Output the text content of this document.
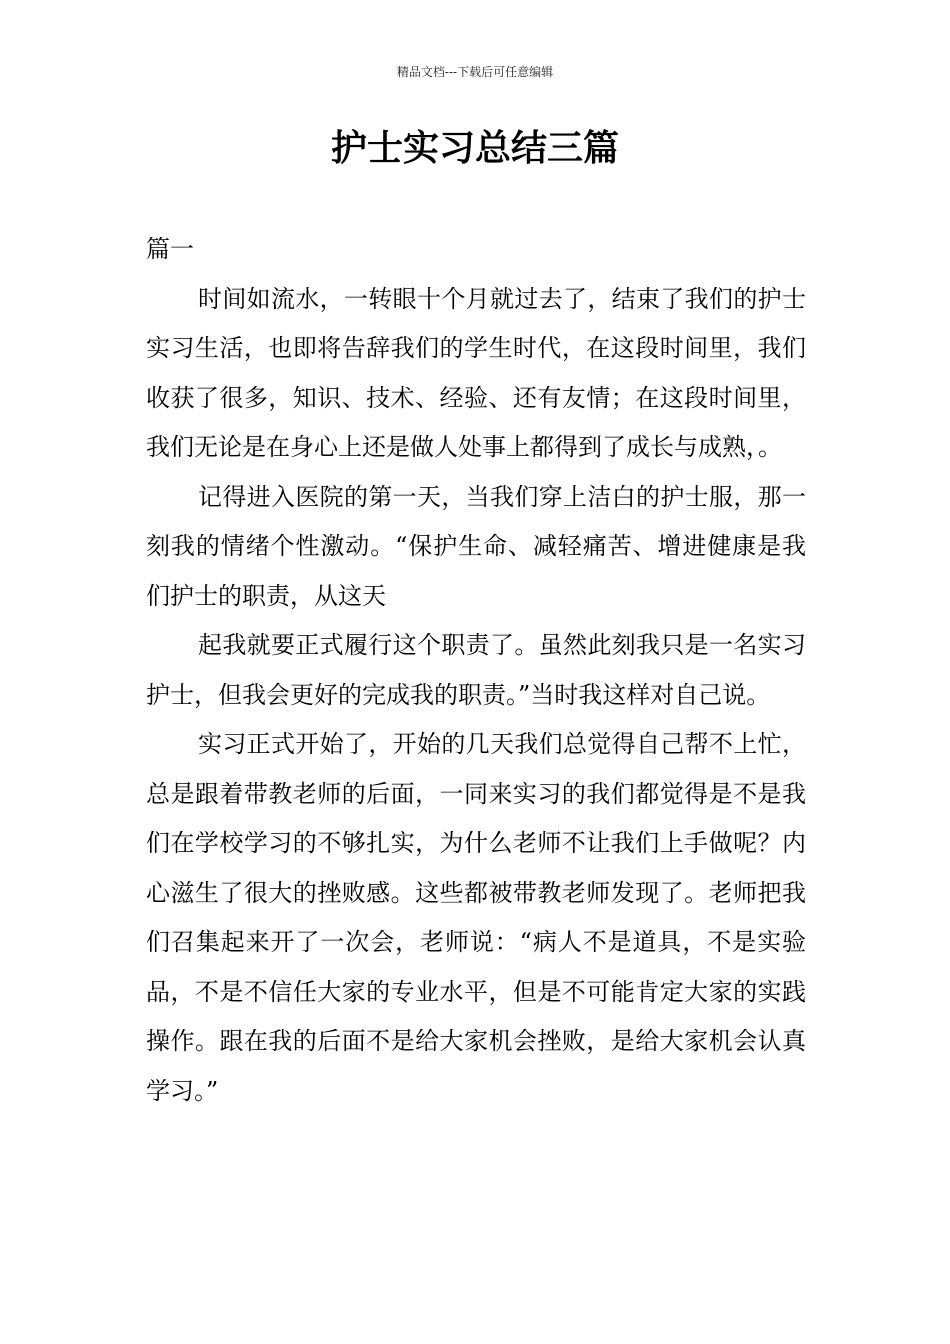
精品文档---下载后可任意编辑
护士实习总结三篇

篇一

时间如流水，一转眼十个月就过去了，结束了我们的护士实习生活，也即将告辞我们的学生时代，在这段时间里，我们收获了很多，知识、技术、经验、还有友情；在这段时间里，我们无论是在身心上还是做人处事上都得到了成长与成熟，。

记得进入医院的第一天，当我们穿上洁白的护士服，那一刻我的情绪个性激动。“保护生命、减轻痛苦、增进健康是我们护士的职责，从这天

起我就要正式履行这个职责了。虽然此刻我只是一名实习护士，但我会更好的完成我的职责。”当时我这样对自己说。

实习正式开始了，开始的几天我们总觉得自己帮不上忙，总是跟着带教老师的后面，一同来实习的我们都觉得是不是我们在学校学习的不够扎实，为什么老师不让我们上手做呢？内心滋生了很大的挫败感。这些都被带教老师发现了。老师把我们召集起来开了一次会，老师说：“病人不是道具，不是实验品，不是不信任大家的专业水平，但是不可能肯定大家的实践操作。跟在我的后面不是给大家机会挫败，是给大家机会认真学习。”
